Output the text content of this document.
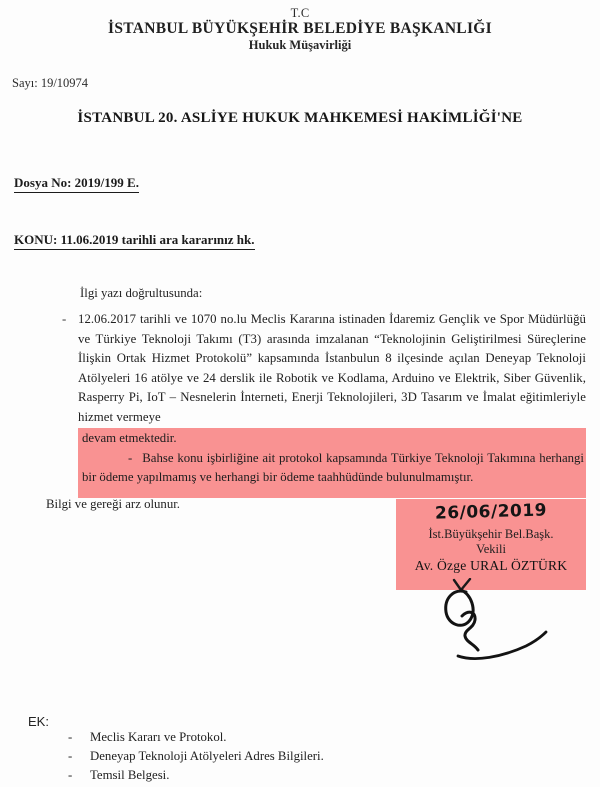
T.C
İSTANBUL BÜYÜKŞEHİR BELEDİYE BAŞKANLIĞI
Hukuk Müşavirliği
Sayı: 19/10974
İSTANBUL 20. ASLİYE HUKUK MAHKEMESİ HAKİMLİĞİ'NE
Dosya No: 2019/199 E.
KONU: 11.06.2019 tarihli ara kararınız hk.
İlgi yazı doğrultusunda:
- 12.06.2017 tarihli ve 1070 no.lu Meclis Kararına istinaden İdaremiz Gençlik ve Spor Müdürlüğü ve Türkiye Teknoloji Takımı (T3) arasında imzalanan “Teknolojinin Geliştirilmesi Süreçlerine İlişkin Ortak Hizmet Protokolü” kapsamında İstanbulun 8 ilçesinde açılan Deneyap Teknoloji Atölyeleri 16 atölye ve 24 derslik ile Robotik ve Kodlama, Arduino ve Elektrik, Siber Güvenlik, Rasperry Pi, IoT – Nesnelerin İnterneti, Enerji Teknolojileri, 3D Tasarım ve İmalat eğitimleriyle hizmet vermeye
devam etmektedir.
- Bahse konu işbirliğine ait protokol kapsamında Türkiye Teknoloji Takımına herhangi bir ödeme yapılmamış ve herhangi bir ödeme taahhüdünde bulunulmamıştır.
Bilgi ve gereği arz olunur.	26/06/2019
İst.Büyükşehir Bel.Başk.
Vekili
Av. Özge URAL ÖZTÜRK
EK:
-	Meclis Kararı ve Protokol.
-	Deneyap Teknoloji Atölyeleri Adres Bilgileri.
-	Temsil Belgesi.
